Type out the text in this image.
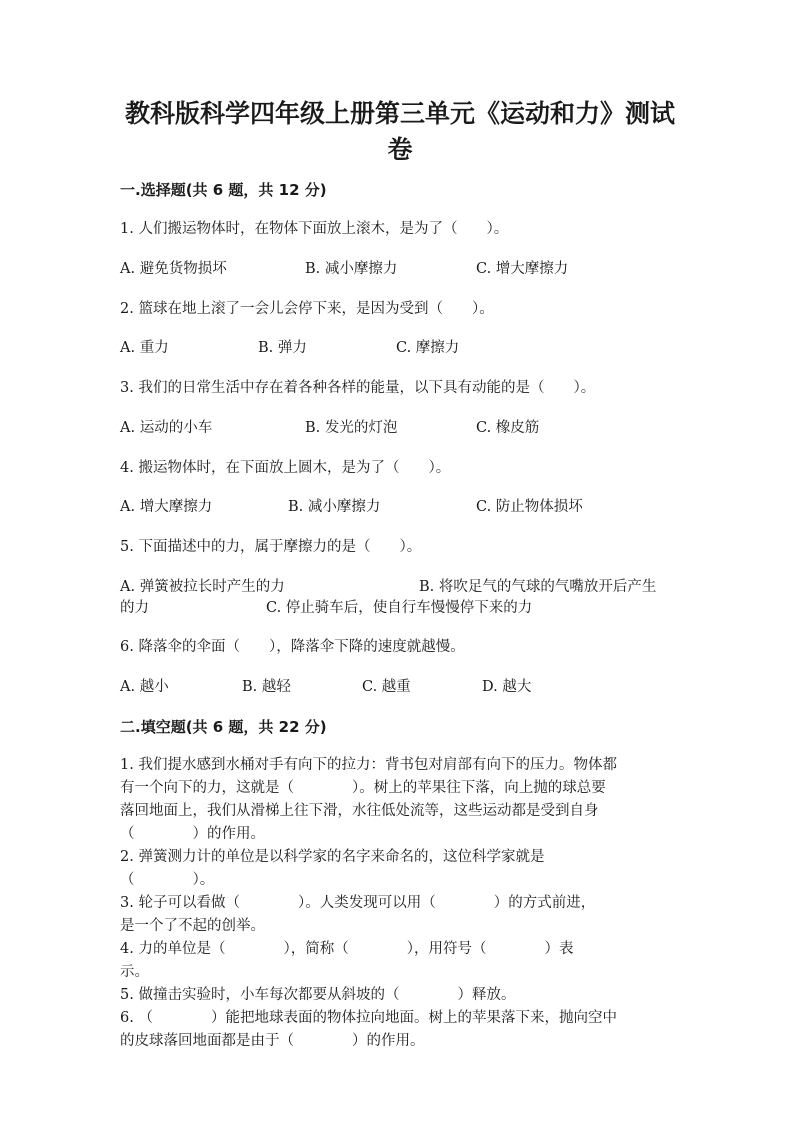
教科版科学四年级上册第三单元《运动和力》测试
卷
一.选择题(共 6 题，共 12 分)
1. 人们搬运物体时，在物体下面放上滚木，是为了（　　）。
A. 避免货物损坏	B. 减小摩擦力	C. 增大摩擦力
2. 篮球在地上滚了一会儿会停下来，是因为受到（　　）。
A. 重力	B. 弹力	C. 摩擦力
3. 我们的日常生活中存在着各种各样的能量，以下具有动能的是（　　）。
A. 运动的小车	B. 发光的灯泡	C. 橡皮筋
4. 搬运物体时，在下面放上圆木，是为了（　　）。
A. 增大摩擦力	B. 减小摩擦力	C. 防止物体损坏
5. 下面描述中的力，属于摩擦力的是（　　）。
A. 弹簧被拉长时产生的力	B. 将吹足气的气球的气嘴放开后产生
的力	C. 停止骑车后，使自行车慢慢停下来的力
6. 降落伞的伞面（　　），降落伞下降的速度就越慢。
A. 越小	B. 越轻	C. 越重	D. 越大
二.填空题(共 6 题，共 22 分)
1. 我们提水感到水桶对手有向下的拉力：背书包对肩部有向下的压力。物体都
有一个向下的力，这就是（　　　　）。树上的苹果往下落，向上抛的球总要
落回地面上，我们从滑梯上往下滑，水往低处流等，这些运动都是受到自身
（　　　　）的作用。
2. 弹簧测力计的单位是以科学家的名字来命名的，这位科学家就是
（　　　　）。
3. 轮子可以看做（　　　　）。人类发现可以用（　　　　）的方式前进，
是一个了不起的创举。
4. 力的单位是（　　　　），简称（　　　　），用符号（　　　　）表
示。
5. 做撞击实验时，小车每次都要从斜坡的（　　　　）释放。
6. （　　　　）能把地球表面的物体拉向地面。树上的苹果落下来，抛向空中
的皮球落回地面都是由于（　　　　）的作用。
